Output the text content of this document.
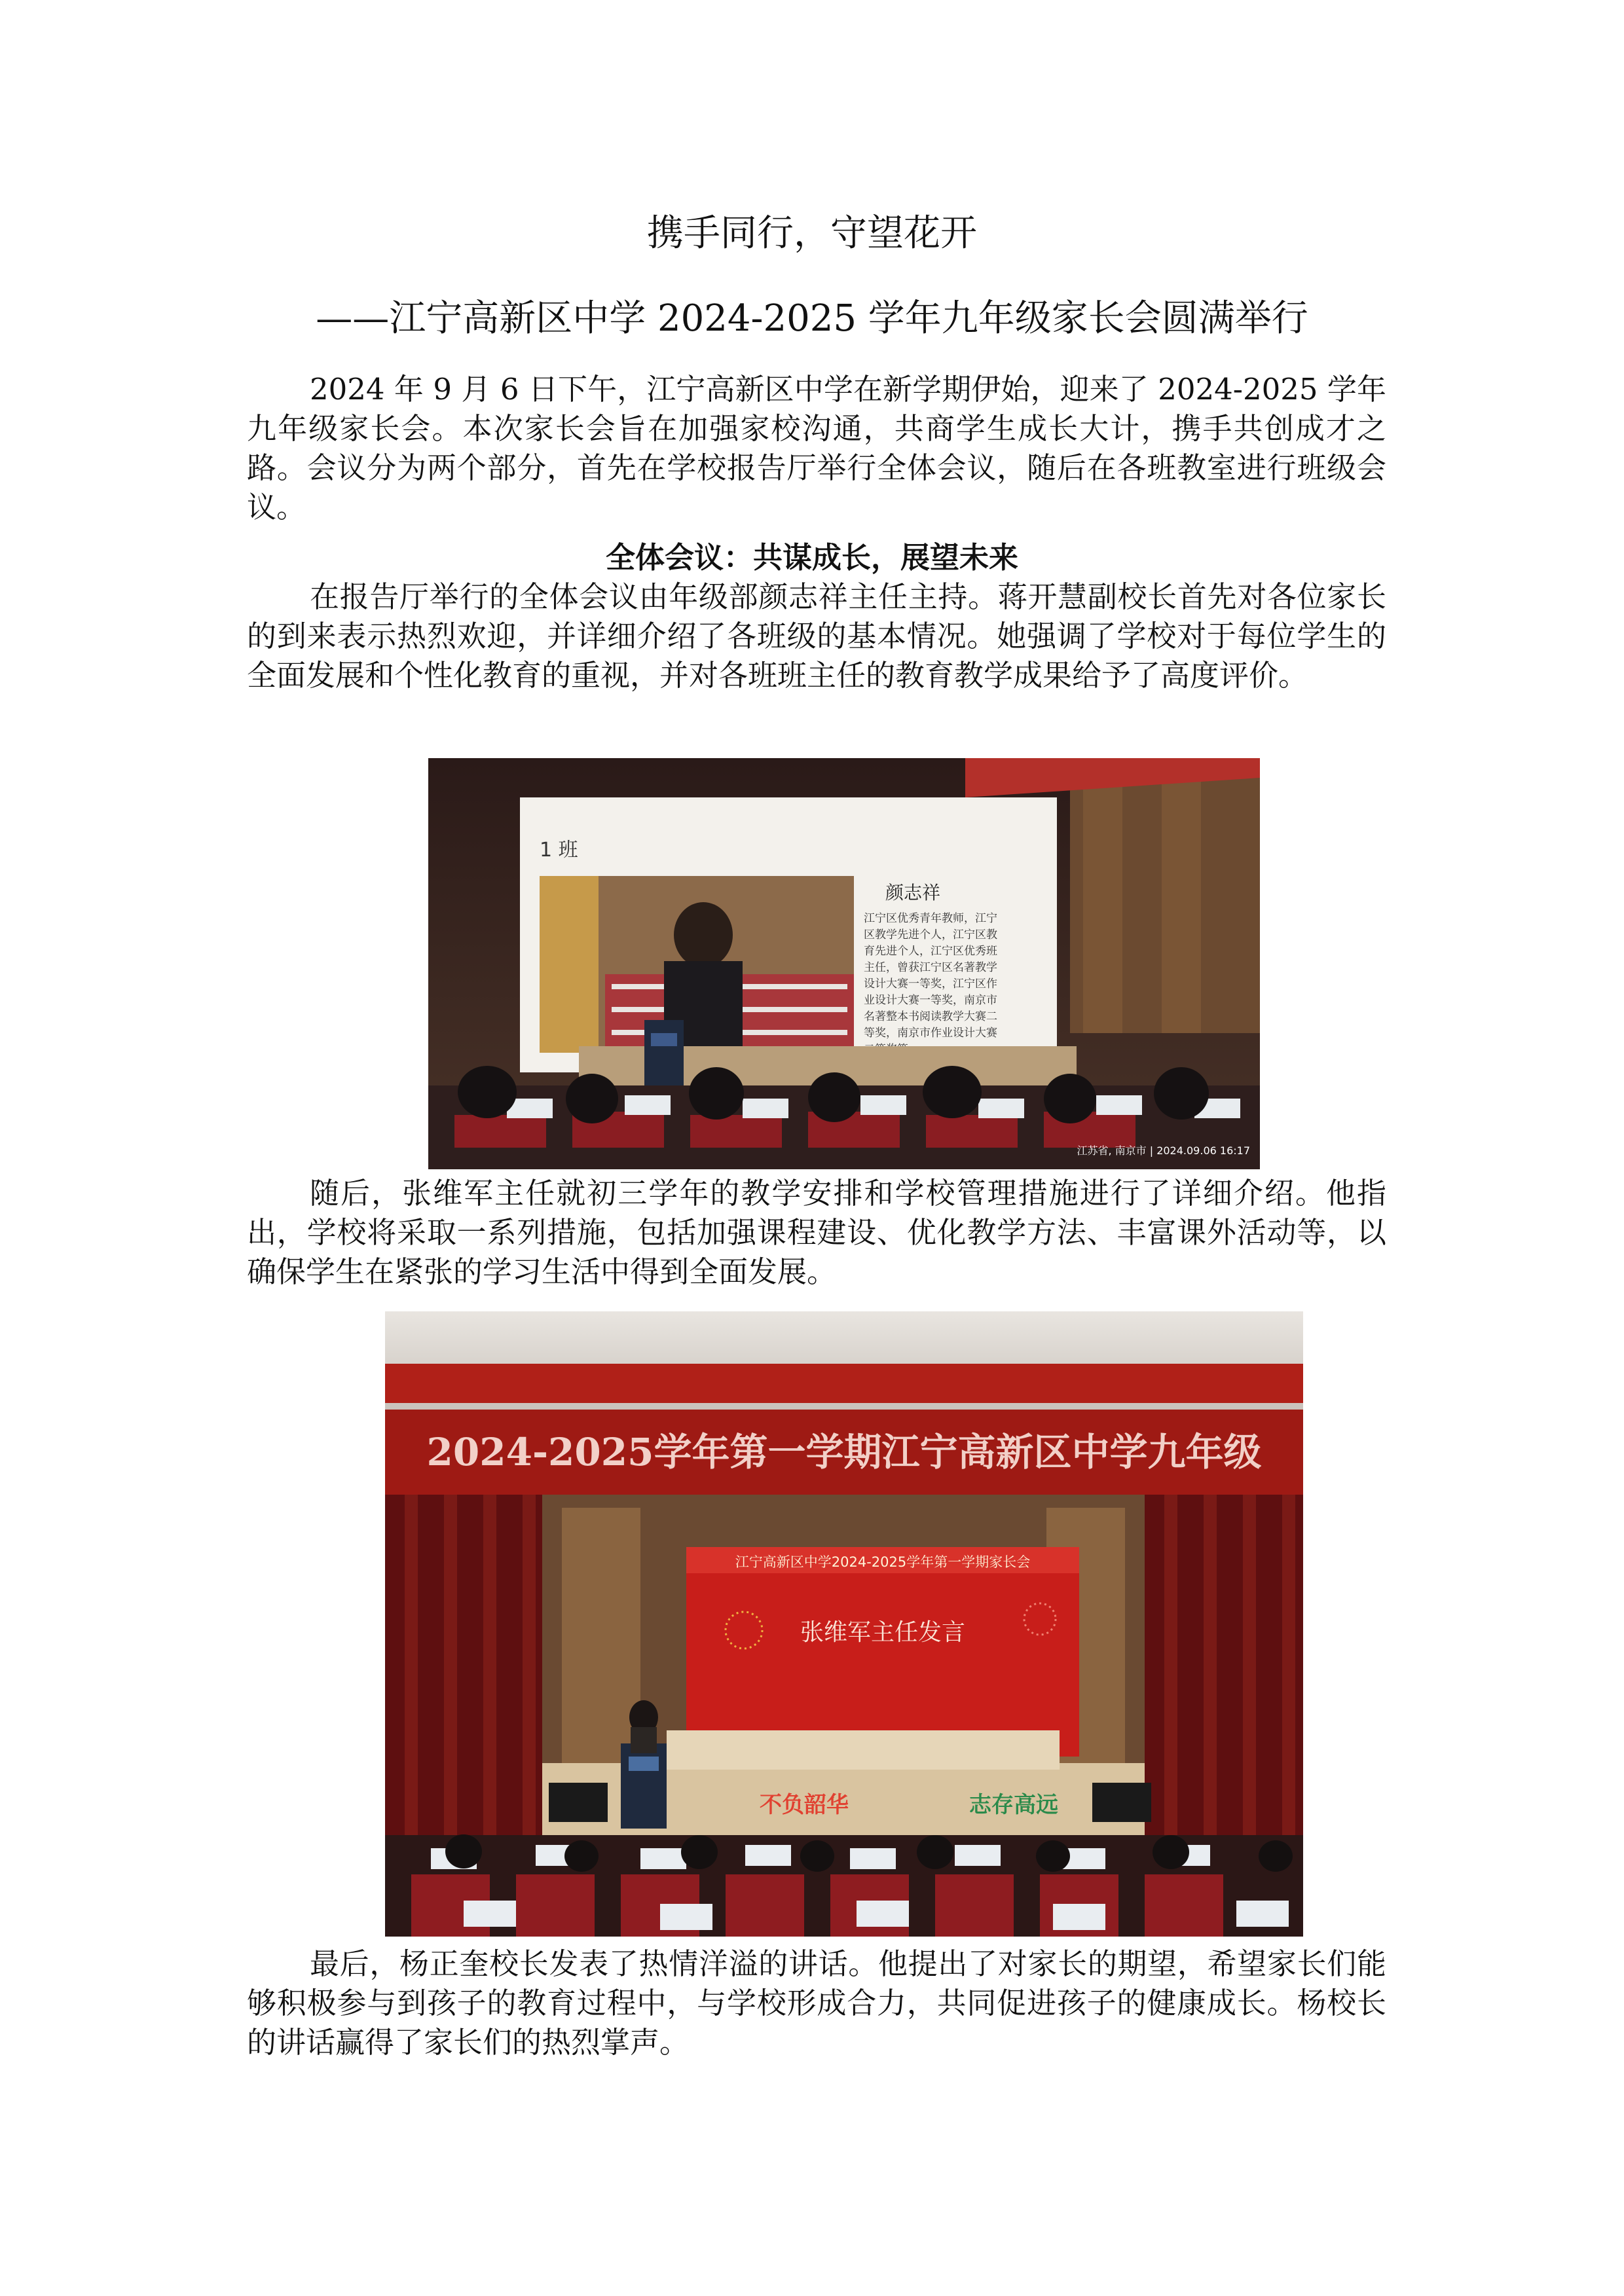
携手同行，守望花开
——江宁高新区中学 2024-2025 学年九年级家长会圆满举行
2024 年 9 月 6 日下午，江宁高新区中学在新学期伊始，迎来了 2024-2025 学年九年级家长会。本次家长会旨在加强家校沟通，共商学生成长大计，携手共创成才之路。会议分为两个部分，首先在学校报告厅举行全体会议，随后在各班教室进行班级会议。
全体会议：共谋成长，展望未来
在报告厅举行的全体会议由年级部颜志祥主任主持。蒋开慧副校长首先对各位家长的到来表示热烈欢迎，并详细介绍了各班级的基本情况。她强调了学校对于每位学生的全面发展和个性化教育的重视，并对各班班主任的教育教学成果给予了高度评价。
1 班
颜志祥
江宁区优秀青年教师，江宁
区教学先进个人，江宁区教
育先进个人，江宁区优秀班
主任，曾获江宁区名著教学
设计大赛一等奖，江宁区作
业设计大赛一等奖，南京市
名著整本书阅读教学大赛二
等奖，南京市作业设计大赛
江苏省, 南京市 | 2024.09.06 16:17
随后，张维军主任就初三学年的教学安排和学校管理措施进行了详细介绍。他指出，学校将采取一系列措施，包括加强课程建设、优化教学方法、丰富课外活动等，以确保学生在紧张的学习生活中得到全面发展。
2024-2025学年第一学期江宁高新区中学九年级
江宁高新区中学2024-2025学年第一学期家长会
张维军主任发言
不负韶华	志存高远
最后，杨正奎校长发表了热情洋溢的讲话。他提出了对家长的期望，希望家长们能够积极参与到孩子的教育过程中，与学校形成合力，共同促进孩子的健康成长。杨校长的讲话赢得了家长们的热烈掌声。
